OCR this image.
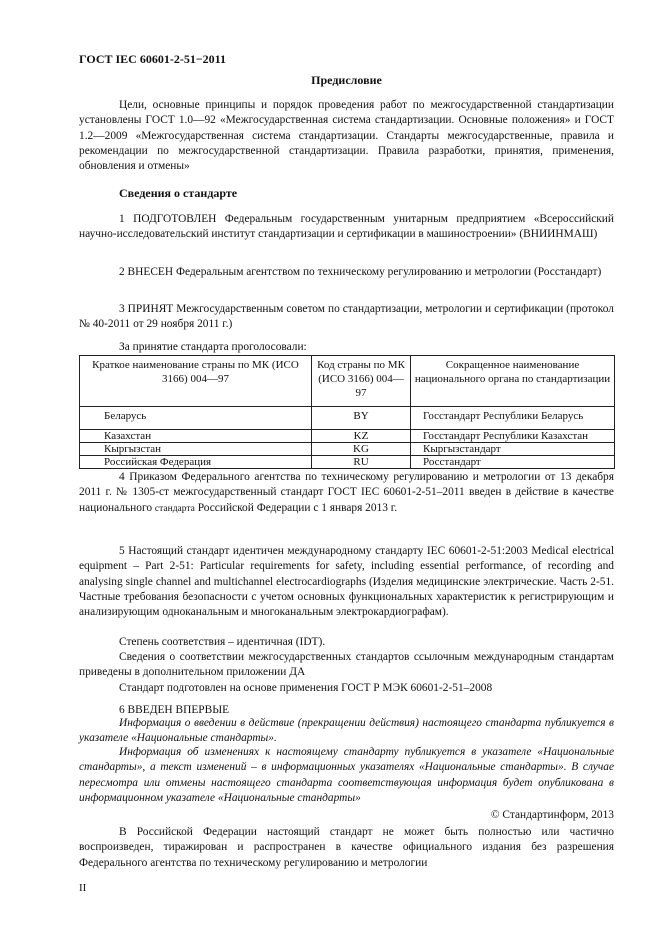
ГОСТ IEC 60601-2-51−2011
Предисловие

Цели, основные принципы и порядок проведения работ по межгосударственной стандартизации установлены ГОСТ 1.0—92 «Межгосударственная система стандартизации. Основные положения» и ГОСТ 1.2—2009 «Межгосударственная система стандартизации. Стандарты межгосударственные, правила и рекомендации по межгосударственной стандартизации. Правила разработки, принятия, применения, обновления и отмены»

Сведения о стандарте

1 ПОДГОТОВЛЕН Федеральным государственным унитарным предприятием «Всероссийский научно-исследовательский институт стандартизации и сертификации в машиностроении» (ВНИИНМАШ)

2 ВНЕСЕН Федеральным агентством по техническому регулированию и метрологии (Росстандарт)

3 ПРИНЯТ Межгосударственным советом по стандартизации, метрологии и сертификации (протокол № 40-2011 от 29 ноября 2011 г.)

За принятие стандарта проголосовали:
Краткое наименование страны по МК (ИСО 3166) 004—97	Код страны по МК (ИСО 3166) 004—97	Сокращенное наименование национального органа по стандартизации
Беларусь	BY	Госстандарт Республики Беларусь
Казахстан	KZ	Госстандарт Республики Казахстан
Кыргызстан	KG	Кыргызстандарт
Российская Федерация	RU	Росстандарт

4 Приказом Федерального агентства по техническому регулированию и метрологии от 13 декабря 2011 г. № 1305-ст межгосударственный стандарт ГОСТ IEC 60601-2-51–2011 введен в действие в качестве национального стандарта Российской Федерации с 1 января 2013 г.

5 Настоящий стандарт идентичен международному стандарту IEC 60601-2-51:2003 Medical electrical equipment – Part 2-51: Particular requirements for safety, including essential performance, of recording and analysing single channel and multichannel electrocardiographs (Изделия медицинские электрические. Часть 2-51. Частные требования безопасности с учетом основных функциональных характеристик к регистрирующим и анализирующим одноканальным и многоканальным электрокардиографам).

Степень соответствия – идентичная (IDT).

Сведения о соответствии межгосударственных стандартов ссылочным международным стандартам приведены в дополнительном приложении ДА

Стандарт подготовлен на основе применения ГОСТ Р МЭК 60601-2-51–2008

6 ВВЕДЕН ВПЕРВЫЕ

Информация о введении в действие (прекращении действия) настоящего стандарта публикуется в указателе «Национальные стандарты».

Информация об изменениях к настоящему стандарту публикуется в указателе «Национальные стандарты», а текст изменений – в информационных указателях «Национальные стандарты». В случае пересмотра или отмены настоящего стандарта соответствующая информация будет опубликована в информационном указателе «Национальные стандарты»

© Стандартинформ, 2013

В Российской Федерации настоящий стандарт не может быть полностью или частично воспроизведен, тиражирован и распространен в качестве официального издания без разрешения Федерального агентства по техническому регулированию и метрологии

II
